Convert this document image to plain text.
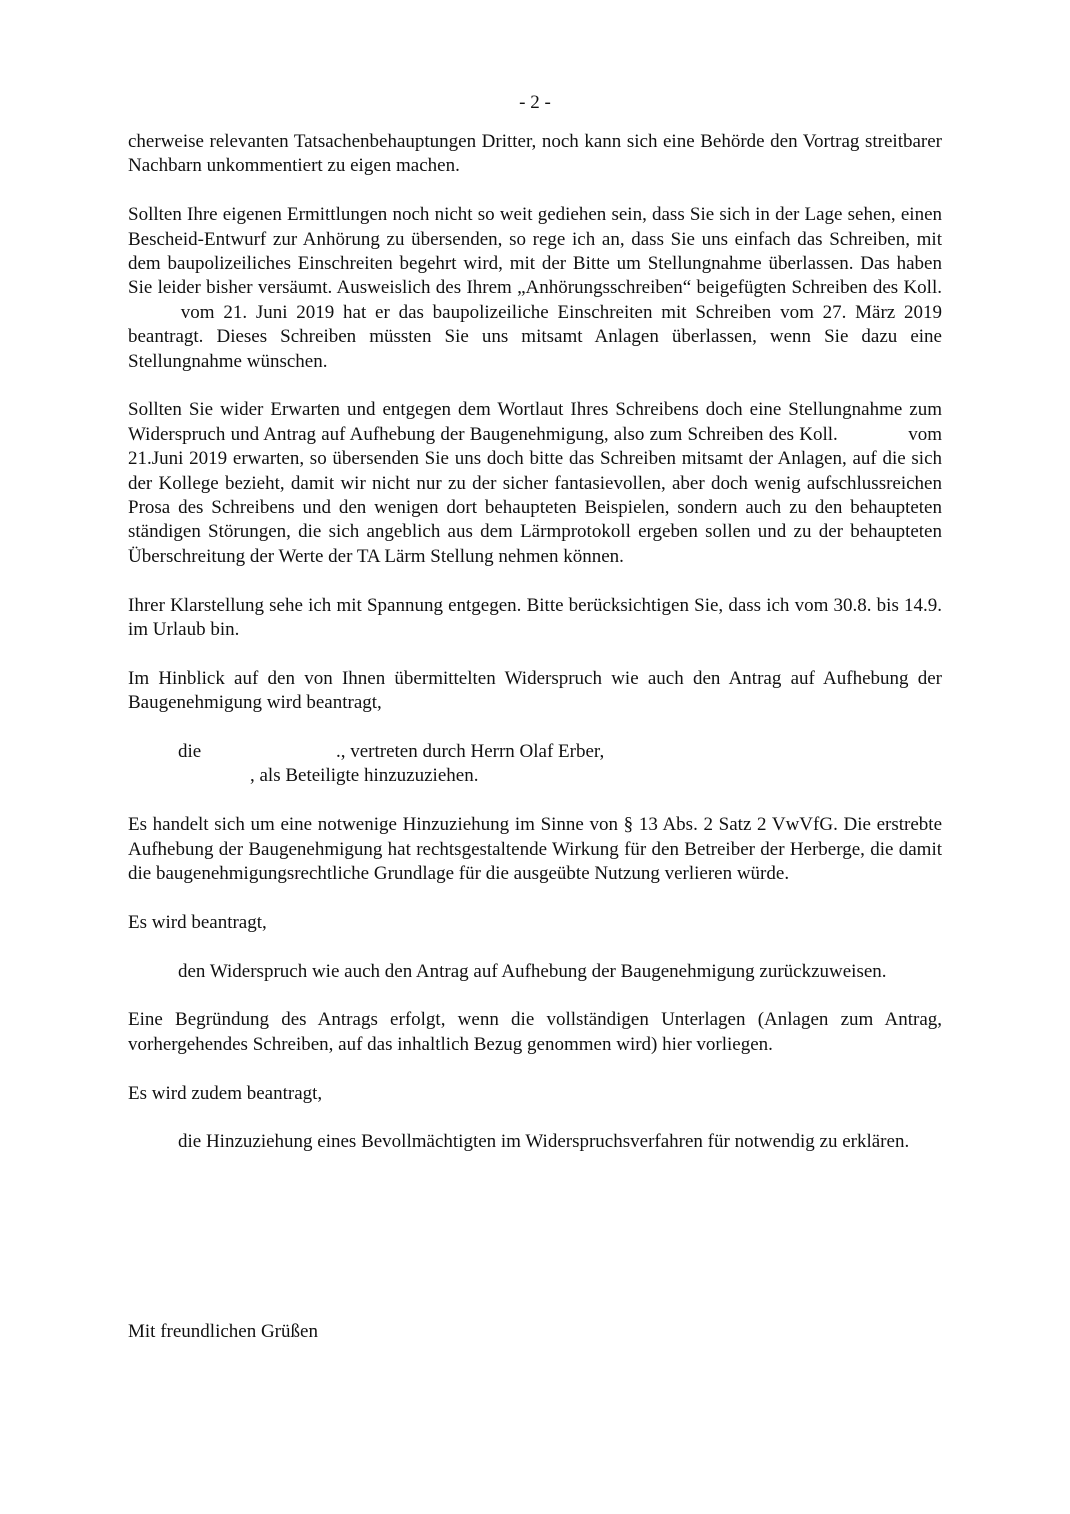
- 2 -

cherweise relevanten Tatsachenbehauptungen Dritter, noch kann sich eine Behörde den Vortrag streitbarer Nachbarn unkommentiert zu eigen machen.

Sollten Ihre eigenen Ermittlungen noch nicht so weit gediehen sein, dass Sie sich in der Lage sehen, einen Bescheid-Entwurf zur Anhörung zu übersenden, so rege ich an, dass Sie uns einfach das Schreiben, mit dem baupolizeiliches Einschreiten begehrt wird, mit der Bitte um Stellungnahme überlassen. Das haben Sie leider bisher versäumt. Ausweislich des Ihrem „Anhörungsschreiben“ beigefügten Schreiben des Koll.  vom 21. Juni 2019 hat er das baupolizeiliche Einschreiten mit Schreiben vom 27. März 2019 beantragt. Dieses Schreiben müssten Sie uns mitsamt Anlagen überlassen, wenn Sie dazu eine Stellungnahme wünschen.

Sollten Sie wider Erwarten und entgegen dem Wortlaut Ihres Schreibens doch eine Stellungnahme zum Widerspruch und Antrag auf Aufhebung der Baugenehmigung, also zum Schreiben des Koll.	vom 21.Juni 2019 erwarten, so übersenden Sie uns doch bitte das Schreiben mitsamt der Anlagen, auf die sich der Kollege bezieht, damit wir nicht nur zu der sicher fantasievollen, aber doch wenig aufschlussreichen Prosa des Schreibens und den wenigen dort behaupteten Beispielen, sondern auch zu den behaupteten ständigen Störungen, die sich angeblich aus dem Lärmprotokoll ergeben sollen und zu der behaupteten Überschreitung der Werte der TA Lärm Stellung nehmen können.

Ihrer Klarstellung sehe ich mit Spannung entgegen. Bitte berücksichtigen Sie, dass ich vom 30.8. bis 14.9. im Urlaub bin.

Im Hinblick auf den von Ihnen übermittelten Widerspruch wie auch den Antrag auf Aufhebung der Baugenehmigung wird beantragt,

die	., vertreten durch Herrn Olaf Erber,
, als Beteiligte hinzuzuziehen.

Es handelt sich um eine notwenige Hinzuziehung im Sinne von § 13 Abs. 2 Satz 2 VwVfG. Die erstrebte Aufhebung der Baugenehmigung hat rechtsgestaltende Wirkung für den Betreiber der Herberge, die damit die baugenehmigungsrechtliche Grundlage für die ausgeübte Nutzung verlieren würde.

Es wird beantragt,

den Widerspruch wie auch den Antrag auf Aufhebung der Baugenehmigung zurückzuweisen.

Eine Begründung des Antrags erfolgt, wenn die vollständigen Unterlagen (Anlagen zum Antrag, vorhergehendes Schreiben, auf das inhaltlich Bezug genommen wird) hier vorliegen.

Es wird zudem beantragt,

die Hinzuziehung eines Bevollmächtigten im Widerspruchsverfahren für notwendig zu erklären.

Mit freundlichen Grüßen
